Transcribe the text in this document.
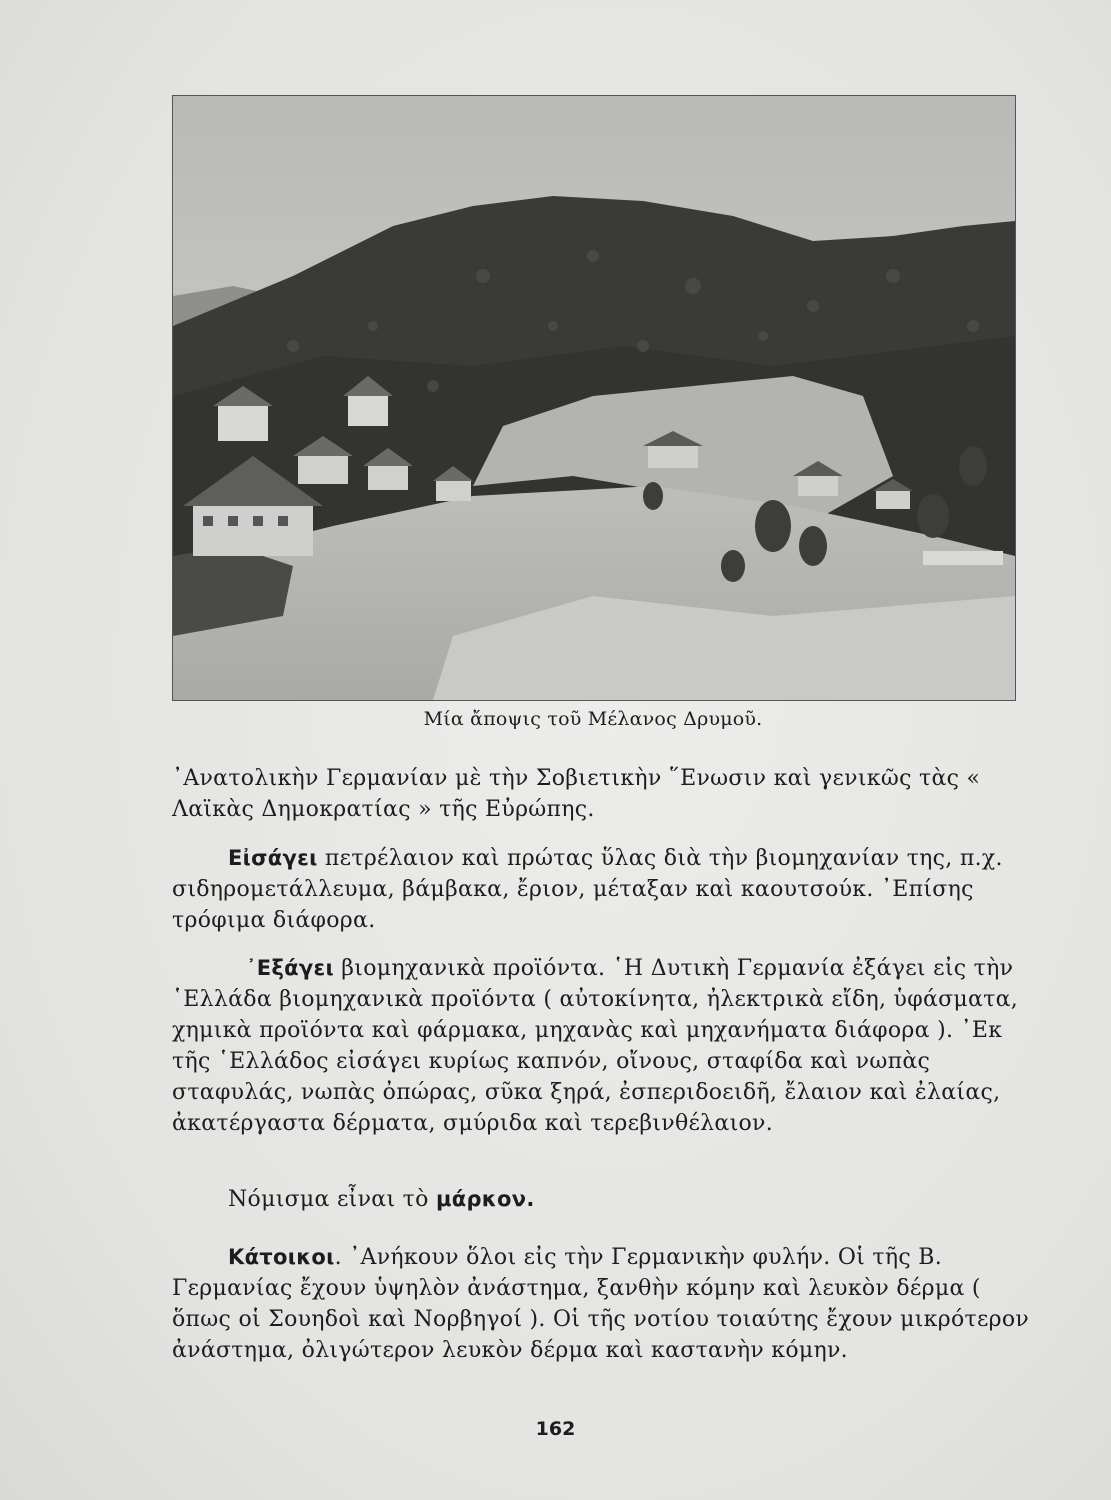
Μία ἄποψις τοῦ Μέλανος Δρυμοῦ.

᾿Ανατολικὴν Γερμανίαν μὲ τὴν Σοβιετικὴν ῞Ενωσιν καὶ γενικῶς τὰς « Λαϊκὰς Δημοκρατίας » τῆς Εὐρώπης.

Εἰσάγει πετρέλαιον καὶ πρώτας ὕλας διὰ τὴν βιομηχανίαν της, π.χ. σιδηρομετάλλευμα, βάμβακα, ἔριον, μέταξαν καὶ καουτσούκ. ᾿Επίσης τρόφιμα διάφορα.

᾿Εξάγει βιομηχανικὰ προϊόντα. ῾Η Δυτικὴ Γερμανία ἐξάγει εἰς τὴν ῾Ελλάδα βιομηχανικὰ προϊόντα ( αὐτοκίνητα, ἠλεκτρικὰ εἴδη, ὑφάσματα, χημικὰ προϊόντα καὶ φάρμακα, μηχανὰς καὶ μηχανήματα διάφορα ). ᾿Εκ τῆς ῾Ελλάδος εἰσάγει κυρίως καπνόν, οἴνους, σταφίδα καὶ νωπὰς σταφυλάς, νωπὰς ὀπώρας, σῦκα ξηρά, ἐσπεριδοειδῆ, ἔλαιον καὶ ἐλαίας, ἀκατέργαστα δέρματα, σμύριδα καὶ τερεβινθέλαιον.

Νόμισμα εἶναι τὸ μάρκον.

Κάτοικοι. ᾿Ανήκουν ὅλοι εἰς τὴν Γερμανικὴν φυλήν. Οἱ τῆς Β. Γερμανίας ἔχουν ὑψηλὸν ἀνάστημα, ξανθὴν κόμην καὶ λευκὸν δέρμα ( ὅπως οἱ Σουηδοὶ καὶ Νορβηγοί ). Οἱ τῆς νοτίου τοιαύτης ἔχουν μικρότερον ἀνάστημα, ὀλιγώτερον λευκὸν δέρμα καὶ καστανὴν κόμην.

162
